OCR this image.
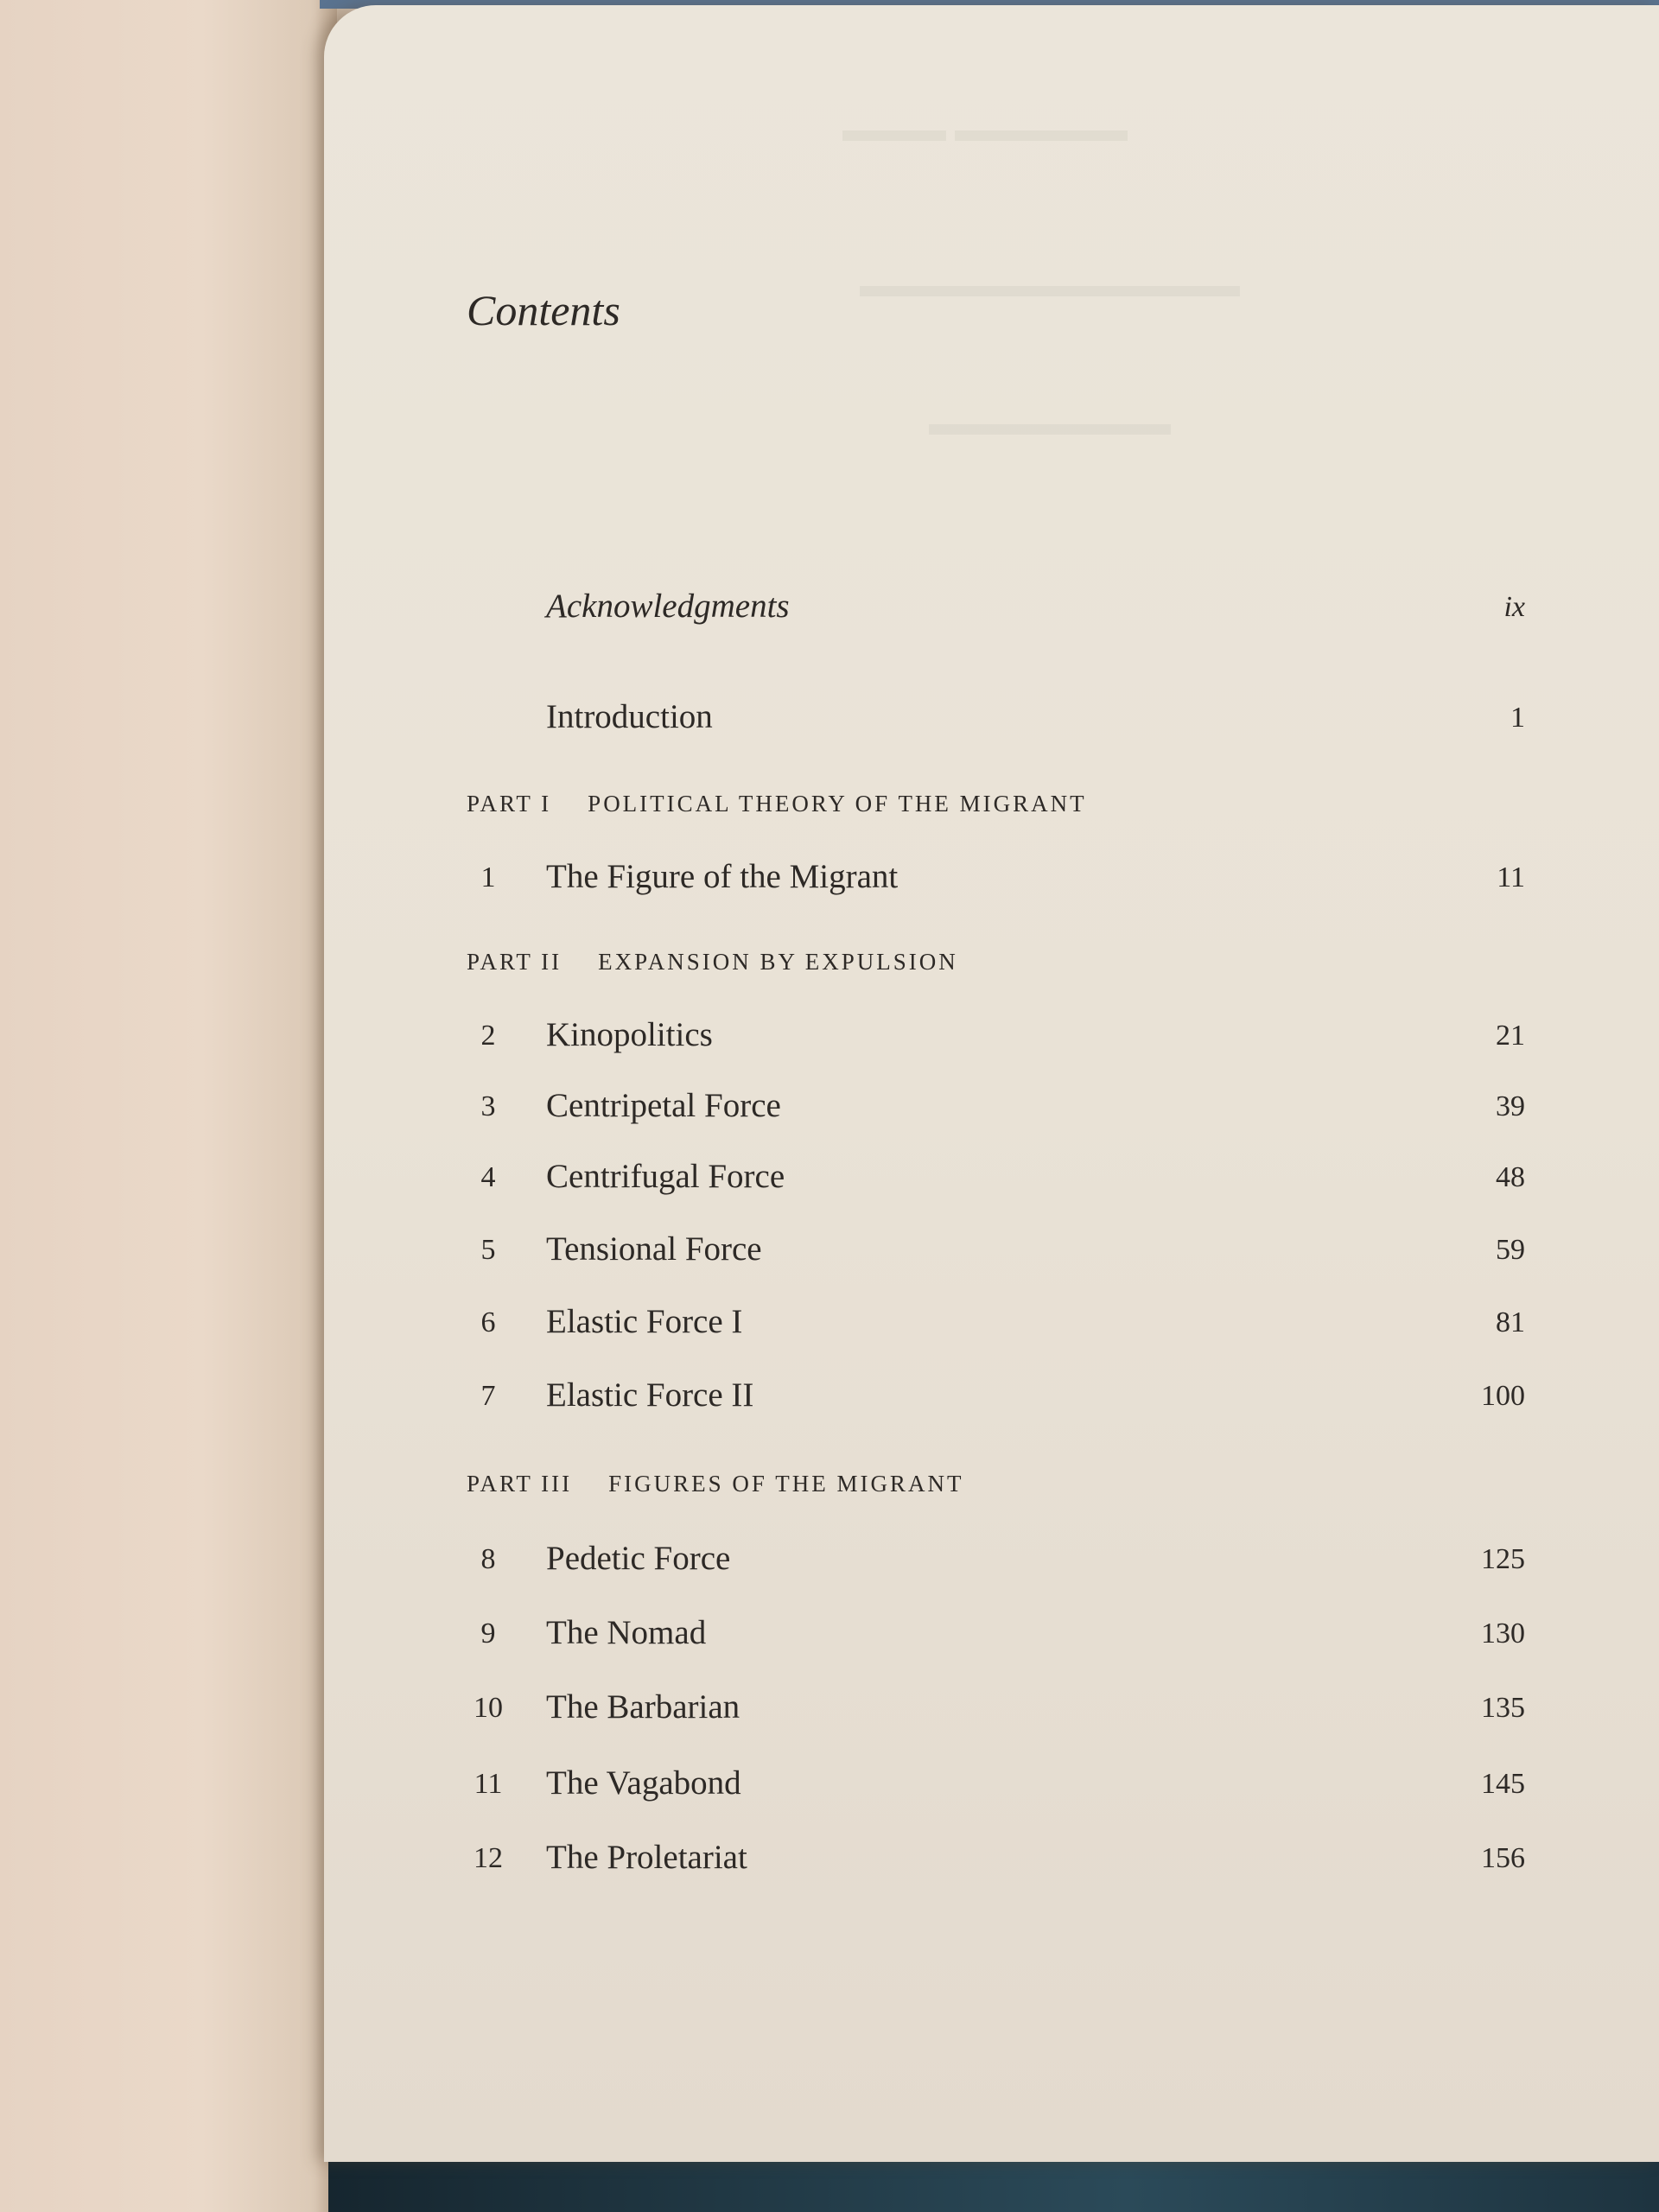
▬▬▬▬▬ ▬▬▬
▬▬▬▬▬▬▬▬▬▬▬
▬▬▬▬▬▬▬
Contents
Acknowledgments	ix
Introduction	1
PART I POLITICAL THEORY OF THE MIGRANT
1	The Figure of the Migrant	11
PART II EXPANSION BY EXPULSION
2	Kinopolitics	21
3	Centripetal Force	39
4	Centrifugal Force	48
5	Tensional Force	59
6	Elastic Force I	81
7	Elastic Force II	100
PART III FIGURES OF THE MIGRANT
8	Pedetic Force	125
9	The Nomad	130
10 The Barbarian	135
11 The Vagabond	145
12 The Proletariat	156
